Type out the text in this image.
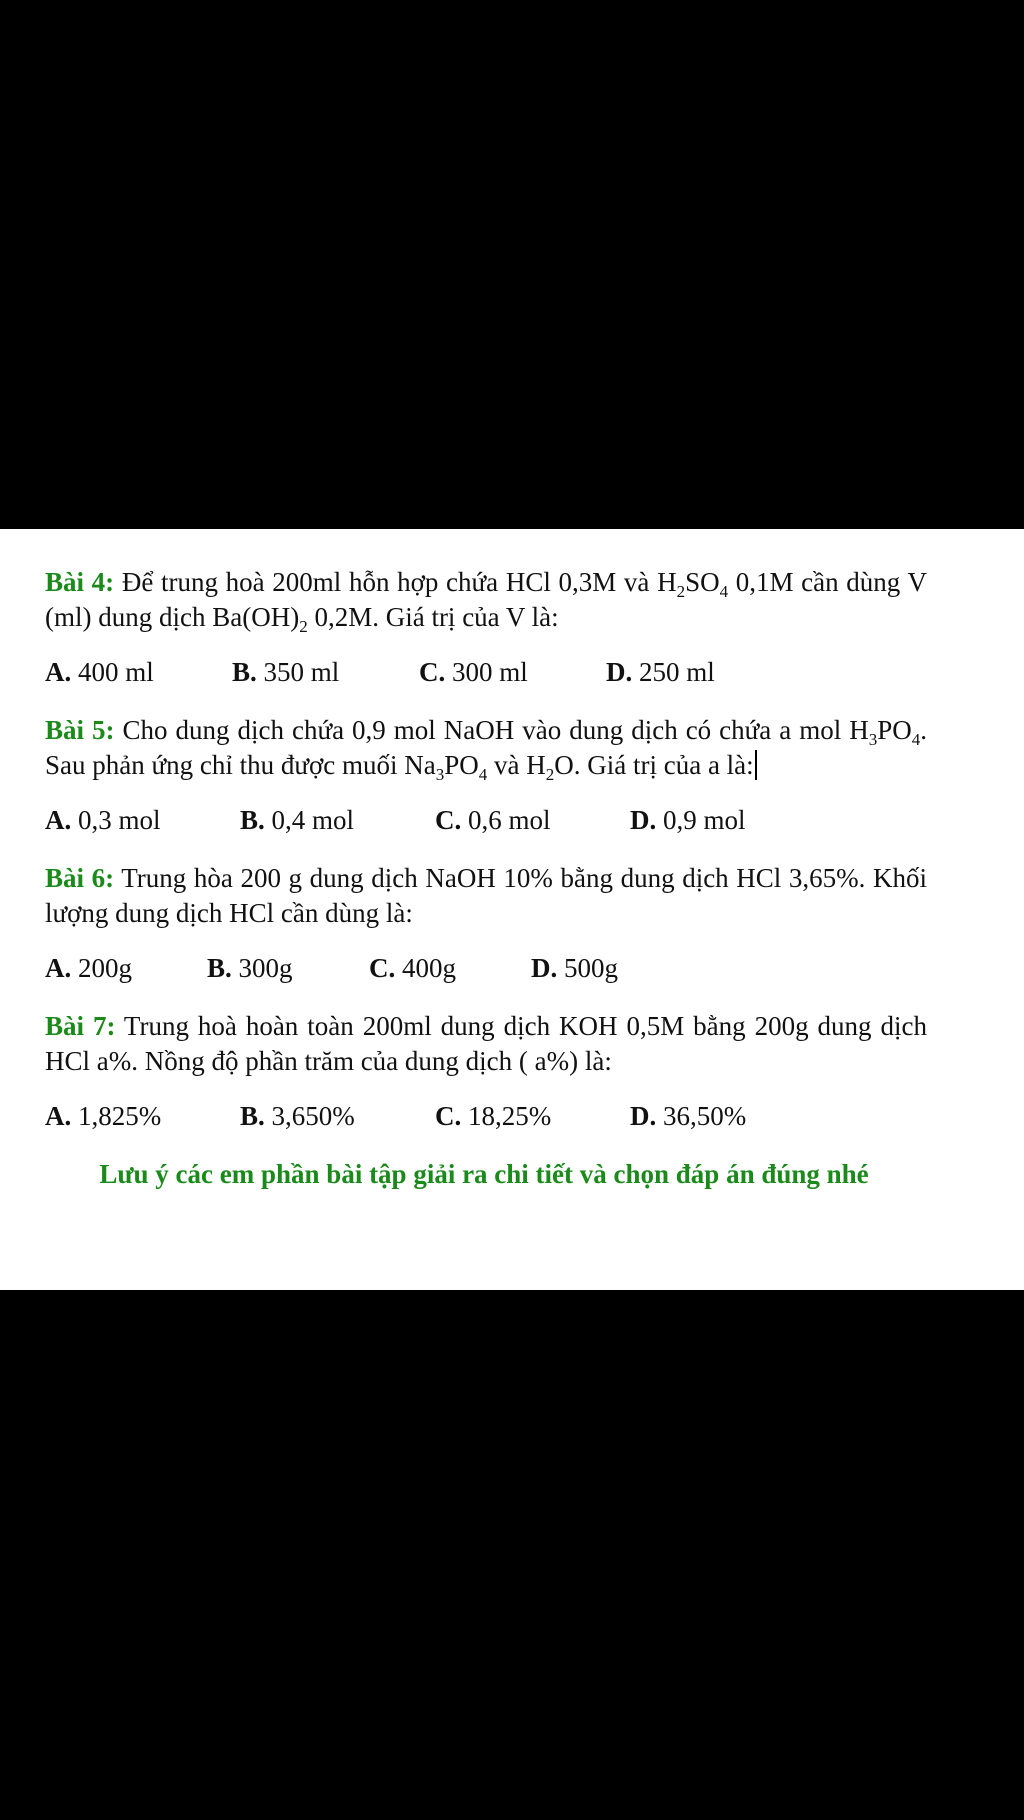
Bài 4: Để trung hoà 200ml hỗn hợp chứa HCl 0,3M và $H_2SO_4$ 0,1M cần dùng V (ml) dung dịch $Ba(OH)_2$ 0,2M. Giá trị của V là:

A. 400 ml	B. 350 ml	C. 300 ml	D. 250 ml

Bài 5: Cho dung dịch chứa 0,9 mol NaOH vào dung dịch có chứa a mol $H_3PO_4$. Sau phản ứng chỉ thu được muối $Na_3PO_4$ và $H_2O$. Giá trị của a là:

A. 0,3 mol	B. 0,4 mol	C. 0,6 mol	D. 0,9 mol

Bài 6: Trung hòa 200 g dung dịch NaOH 10% bằng dung dịch HCl 3,65%. Khối lượng dung dịch HCl cần dùng là:

A. 200g	B. 300g	C. 400g	D. 500g

Bài 7: Trung hoà hoàn toàn 200ml dung dịch KOH 0,5M bằng 200g dung dịch HCl a%. Nồng độ phần trăm của dung dịch ( a%) là:

A. 1,825%	B. 3,650%	C. 18,25%	D. 36,50%
Lưu ý các em phần bài tập giải ra chi tiết và chọn đáp án đúng nhé
